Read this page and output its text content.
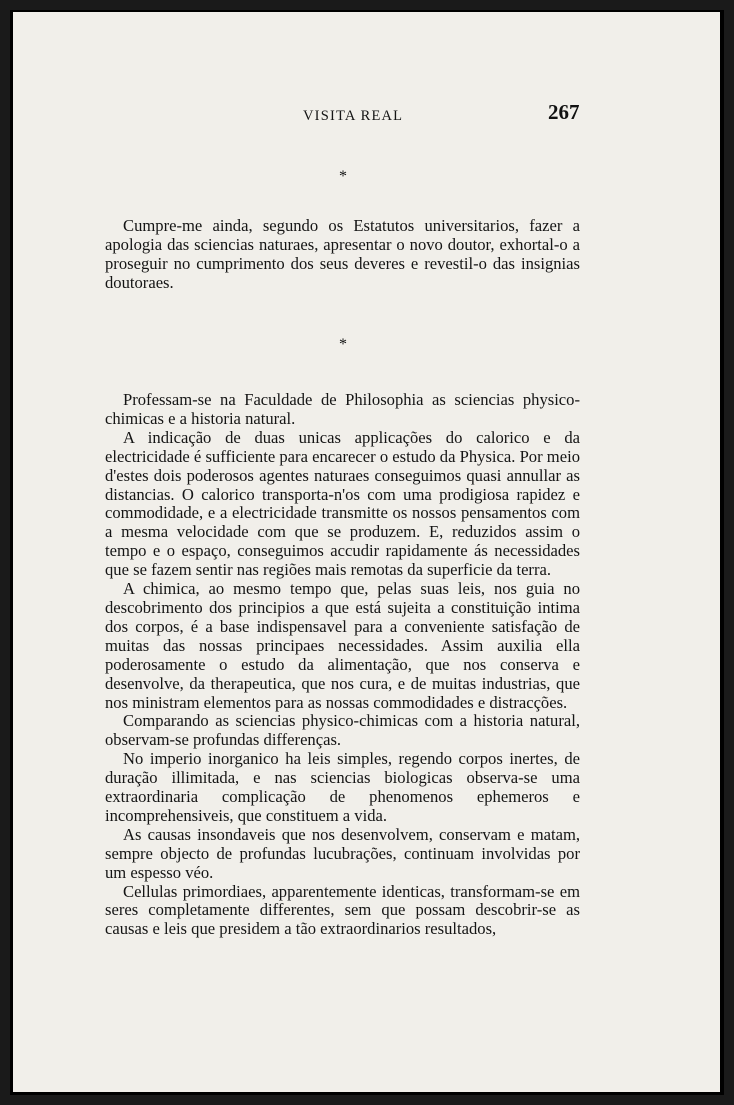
VISITA REAL	267
*

Cumpre-me ainda, segundo os Estatutos universitarios, fazer a apologia das sciencias naturaes, apresentar o novo doutor, exhortal-o a proseguir no cumprimento dos seus deveres e revestil-o das insignias doutoraes.

*

Professam-se na Faculdade de Philosophia as sciencias physico-chimicas e a historia natural.

A indicação de duas unicas applicações do calorico e da electricidade é sufficiente para encarecer o estudo da Physica. Por meio d'estes dois poderosos agentes naturaes conseguimos quasi annullar as distancias. O calorico transporta-n'os com uma prodigiosa rapidez e commodidade, e a electricidade transmitte os nossos pensamentos com a mesma velocidade com que se produzem. E, reduzidos assim o tempo e o espaço, conseguimos accudir rapidamente ás necessidades que se fazem sentir nas regiões mais remotas da superficie da terra.

A chimica, ao mesmo tempo que, pelas suas leis, nos guia no descobrimento dos principios a que está sujeita a constituição intima dos corpos, é a base indispensavel para a conveniente satisfação de muitas das nossas principaes necessidades. Assim auxilia ella poderosamente o estudo da alimentação, que nos conserva e desenvolve, da therapeutica, que nos cura, e de muitas industrias, que nos ministram elementos para as nossas commodidades e distracções.

Comparando as sciencias physico-chimicas com a historia natural, observam-se profundas differenças.

No imperio inorganico ha leis simples, regendo corpos inertes, de duração illimitada, e nas sciencias biologicas observa-se uma extraordinaria complicação de phenomenos ephemeros e incomprehensiveis, que constituem a vida.

As causas insondaveis que nos desenvolvem, conservam e matam, sempre objecto de profundas lucubrações, continuam involvidas por um espesso véo.

Cellulas primordiaes, apparentemente identicas, transformam-se em seres completamente differentes, sem que possam descobrir-se as causas e leis que presidem a tão extraordinarios resultados,
